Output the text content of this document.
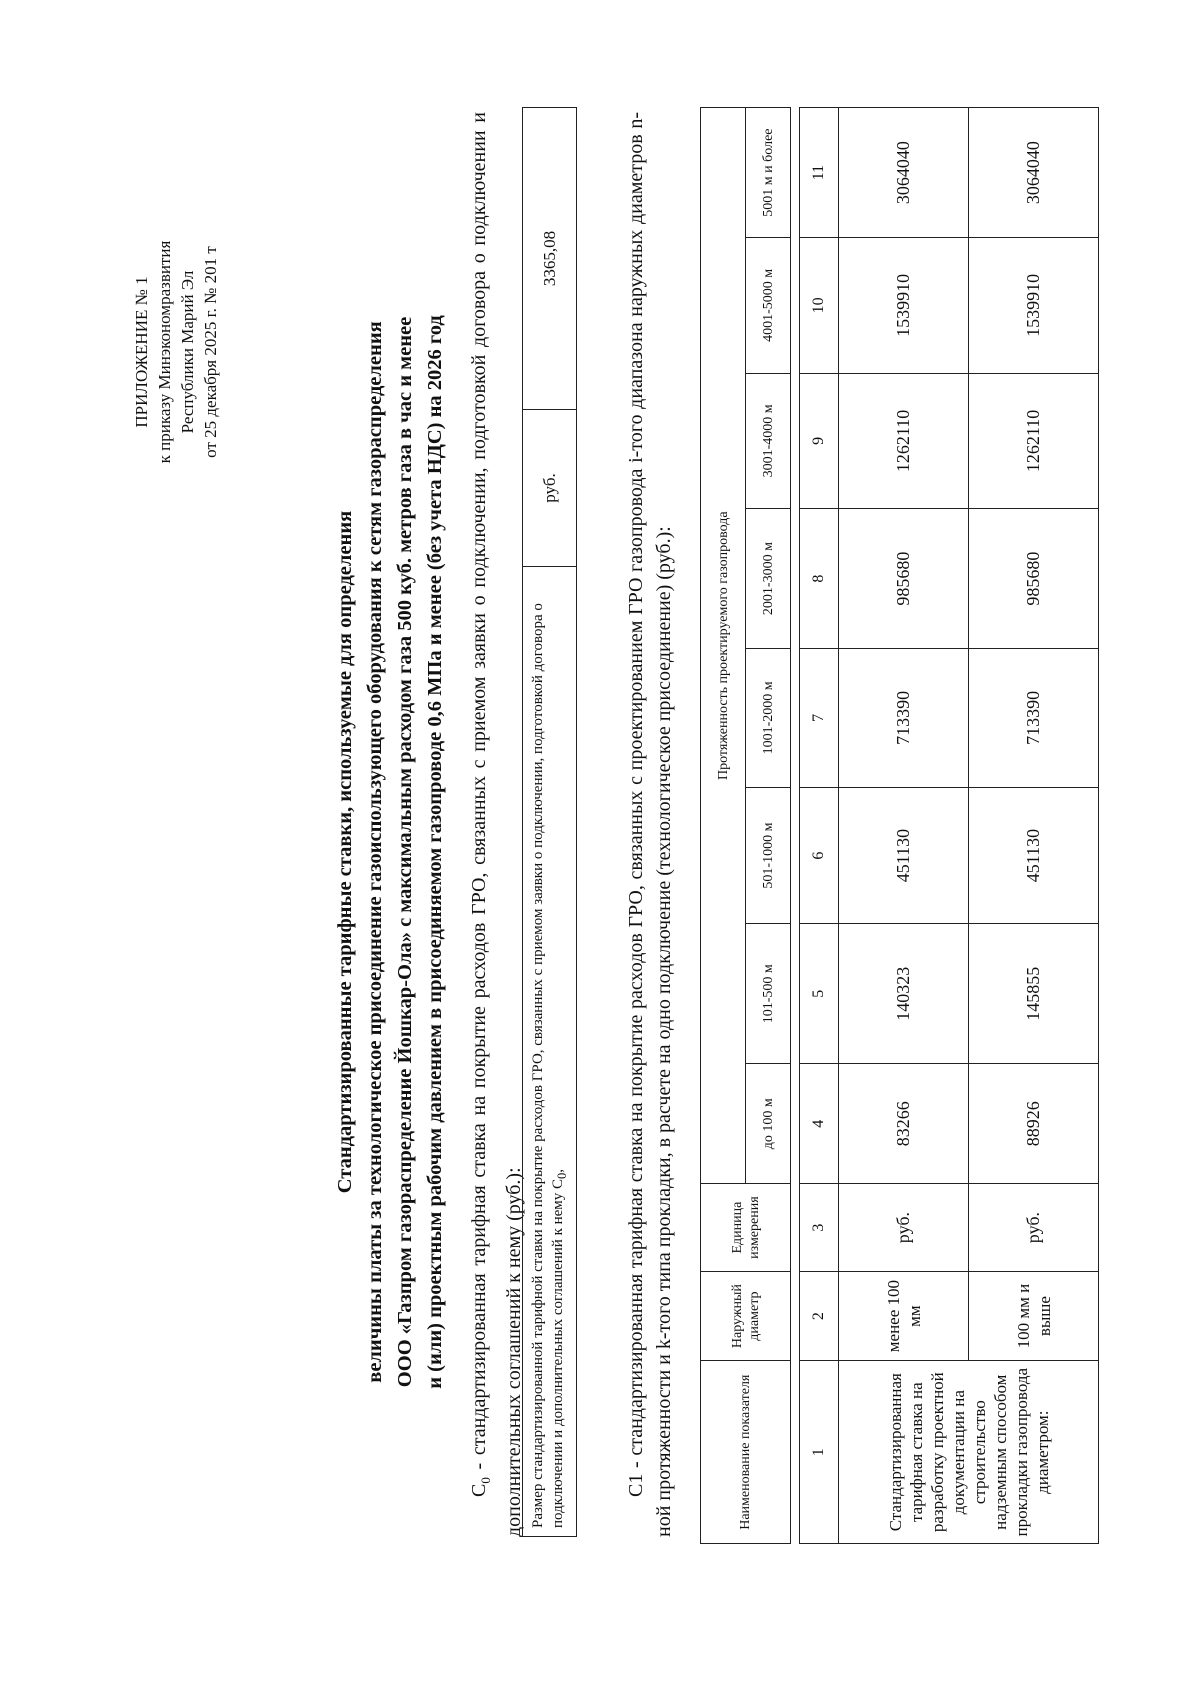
ПРИЛОЖЕНИЕ № 1 к приказу Минэкономразвития Республики Марий Эл от 25 декабря 2025 г. № 201 т
Стандартизированные тарифные ставки, используемые для определения величины платы за технологическое присоединение газоиспользующего оборудования к сетям газораспределения ООО «Газпром газораспределение Йошкар-Ола» с максимальным расходом газа 500 куб. метров газа в час и менее и (или) проектным рабочим давлением в присоединяемом газопроводе 0,6 МПа и менее (без учета НДС) на 2026 год
$С_0$ - стандартизированная тарифная ставка на покрытие расходов ГРО, связанных с приемом заявки о подключении, подготовкой договора о подключении и дополнительных соглашений к нему (руб.): Размер стандартизированной тарифной ставки на покрытие расходов ГРО, связанных с приемом заявки о подключении, подготовкой договора о подключении и дополнительных соглашений к нему $С_0$,	руб.	3365,08	С1 - стандартизированная тарифная ставка на покрытие расходов ГРО, связанных с проектированием ГРО газопровода i-того диапазона наружных диаметров n-ной протяженности и k-того типа прокладки, в расчете на одно подключение (технологическое присоединение) (руб.):	Наименование показателя	Наружный диаметр	Единица измерения	Протяженность проектируемого газопровода							
			до 100 м	101-500 м	501-1000 м	1001-2000 м	2001-3000 м	3001-4000 м	4001-5000 м	5001 м и более

1	2	3	4	5	6	7	8	9	10	11
Стандартизированная тарифная ставка на разработку проектной документации на строительство надземным способом прокладки газопровода диаметром:	менее 100 мм	руб.	83266	140323	451130	713390	985680	1262110	1539910	3064040
	100 мм и выше	руб.	88926	145855	451130	713390	985680	1262110	1539910	3064040
